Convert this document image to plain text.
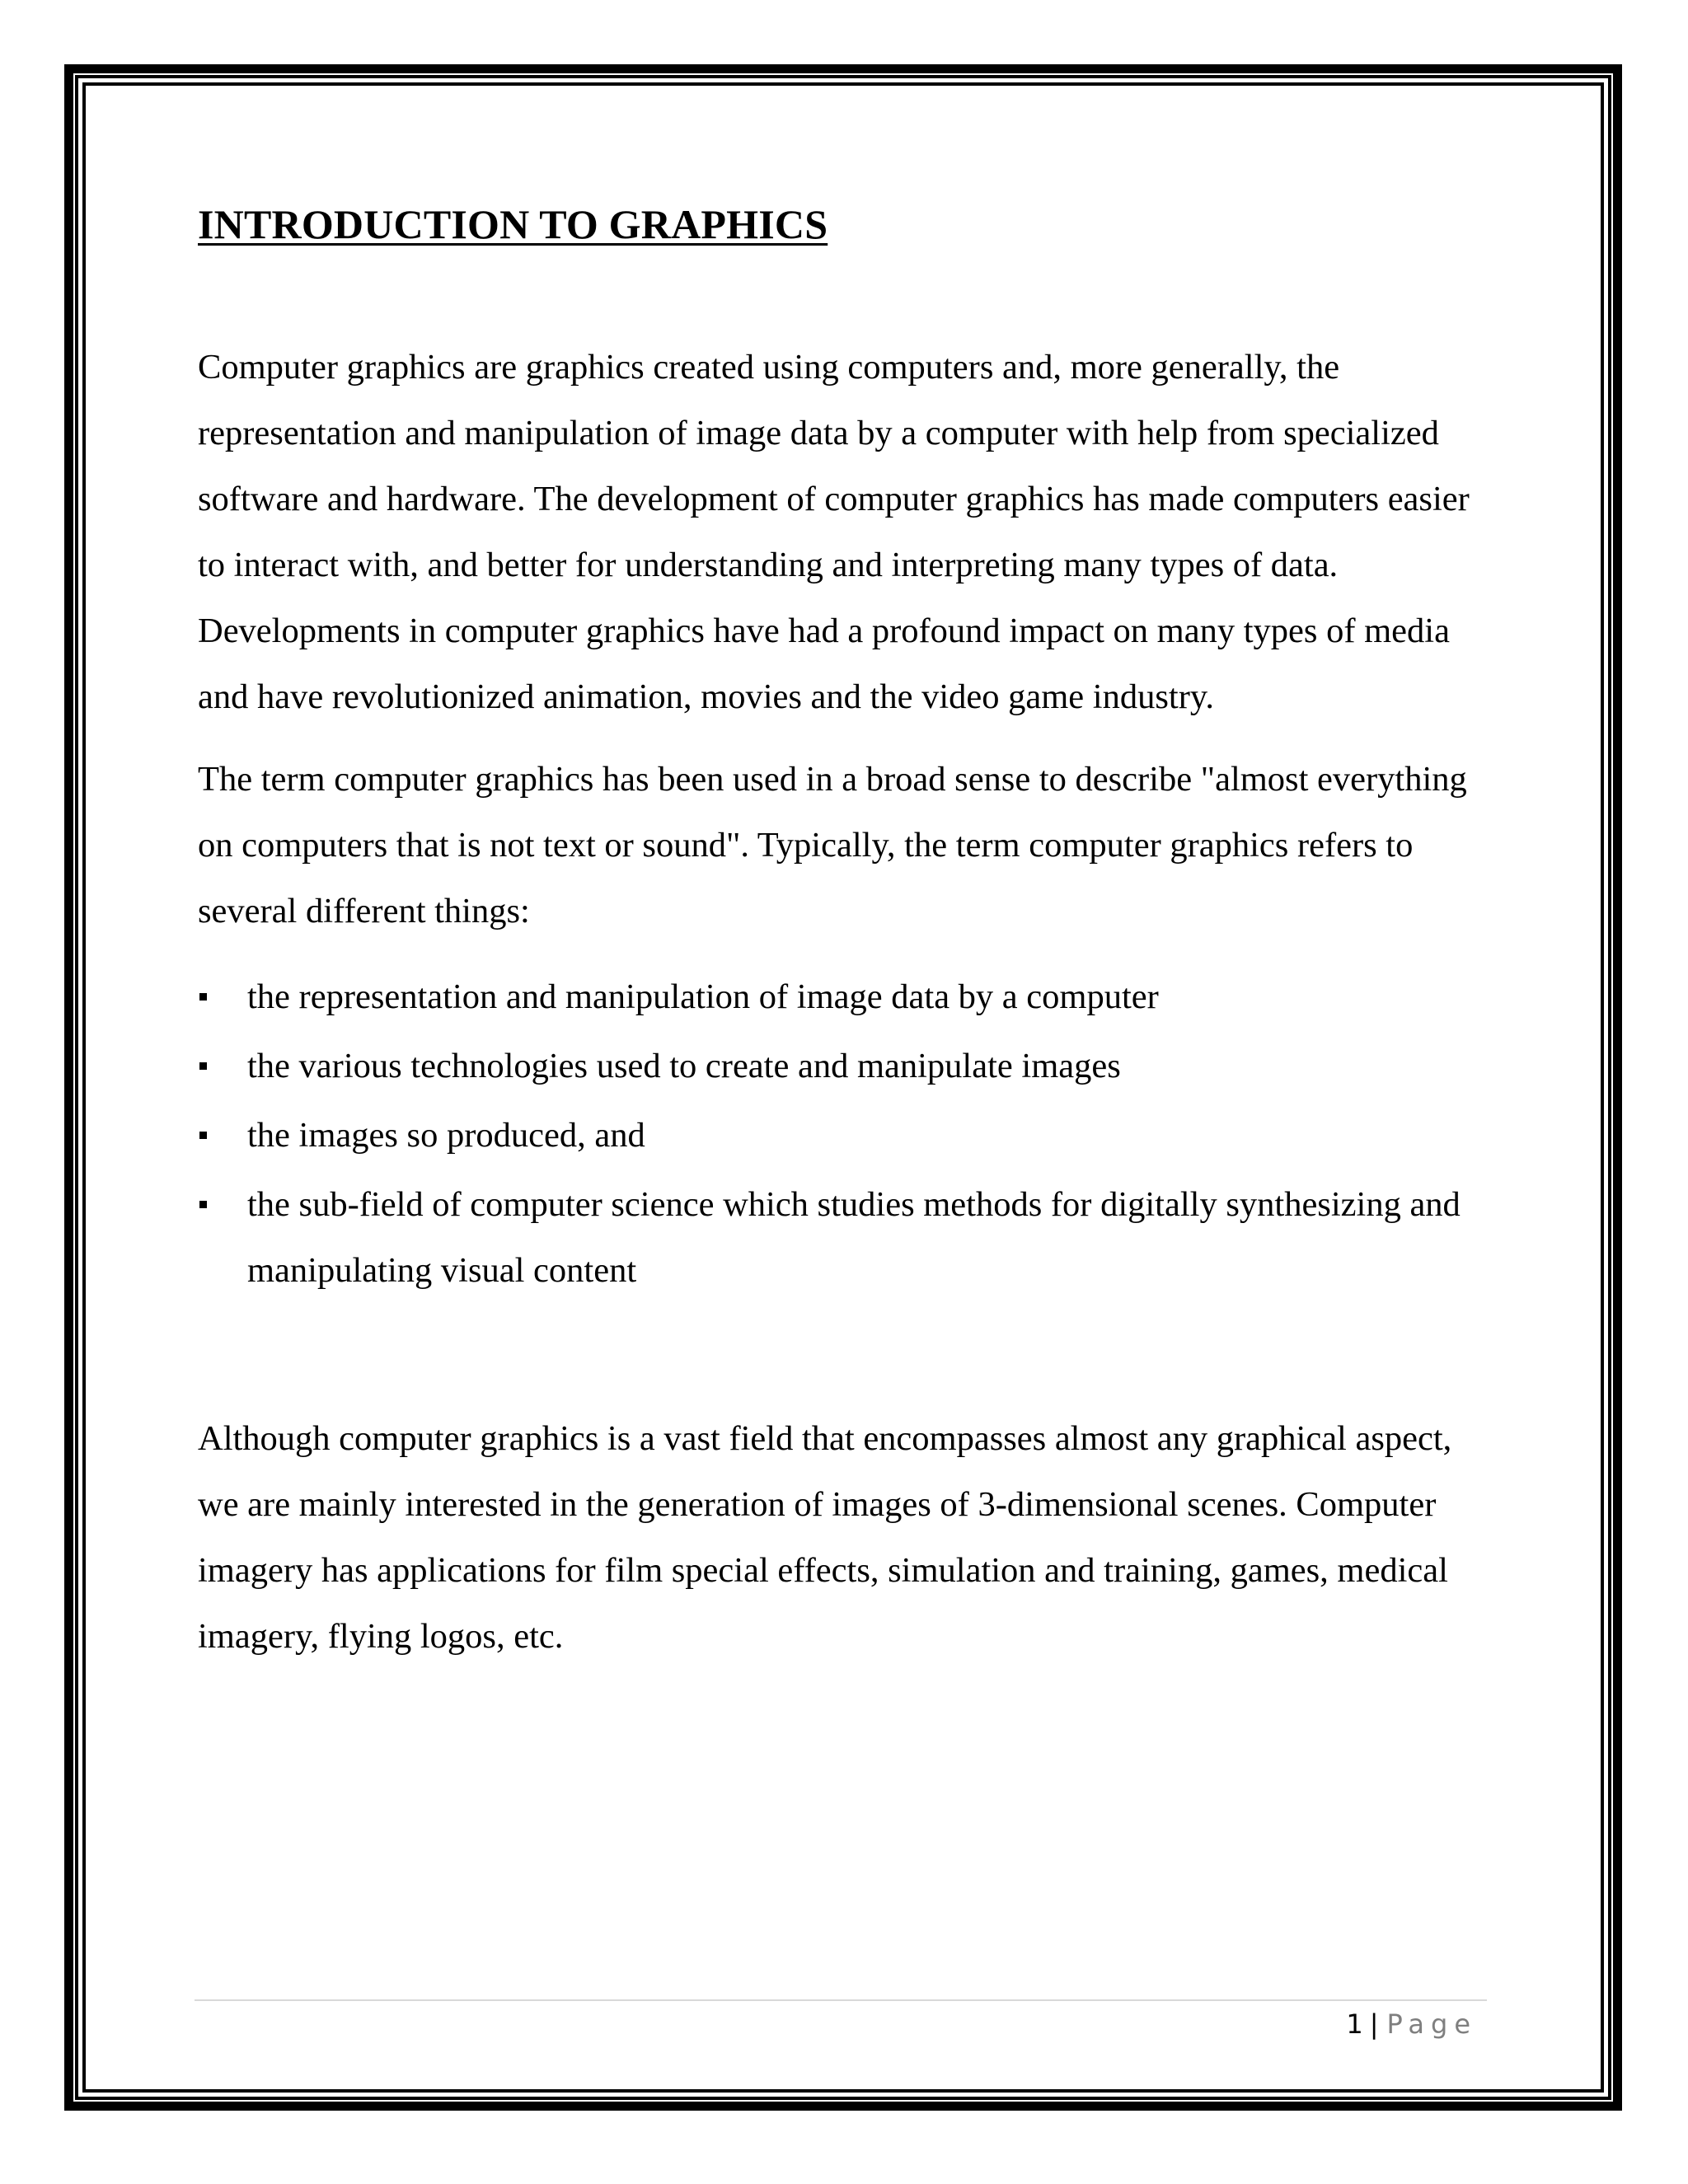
INTRODUCTION TO GRAPHICS

Computer graphics are graphics created using computers and, more generally, the representation and manipulation of image data by a computer with help from specialized software and hardware. The development of computer graphics has made computers easier to interact with, and better for understanding and interpreting many types of data. Developments in computer graphics have had a profound impact on many types of media and have revolutionized animation, movies and the video game industry.

The term computer graphics has been used in a broad sense to describe "almost everything on computers that is not text or sound". Typically, the term computer graphics refers to several different things:

the representation and manipulation of image data by a computer
the various technologies used to create and manipulate images
the images so produced, and
the sub-field of computer science which studies methods for digitally synthesizing and manipulating visual content

Although computer graphics is a vast field that encompasses almost any graphical aspect, we are mainly interested in the generation of images of 3-dimensional scenes. Computer imagery has applications for film special effects, simulation and training, games, medical imagery, flying logos, etc.

1 | Page
